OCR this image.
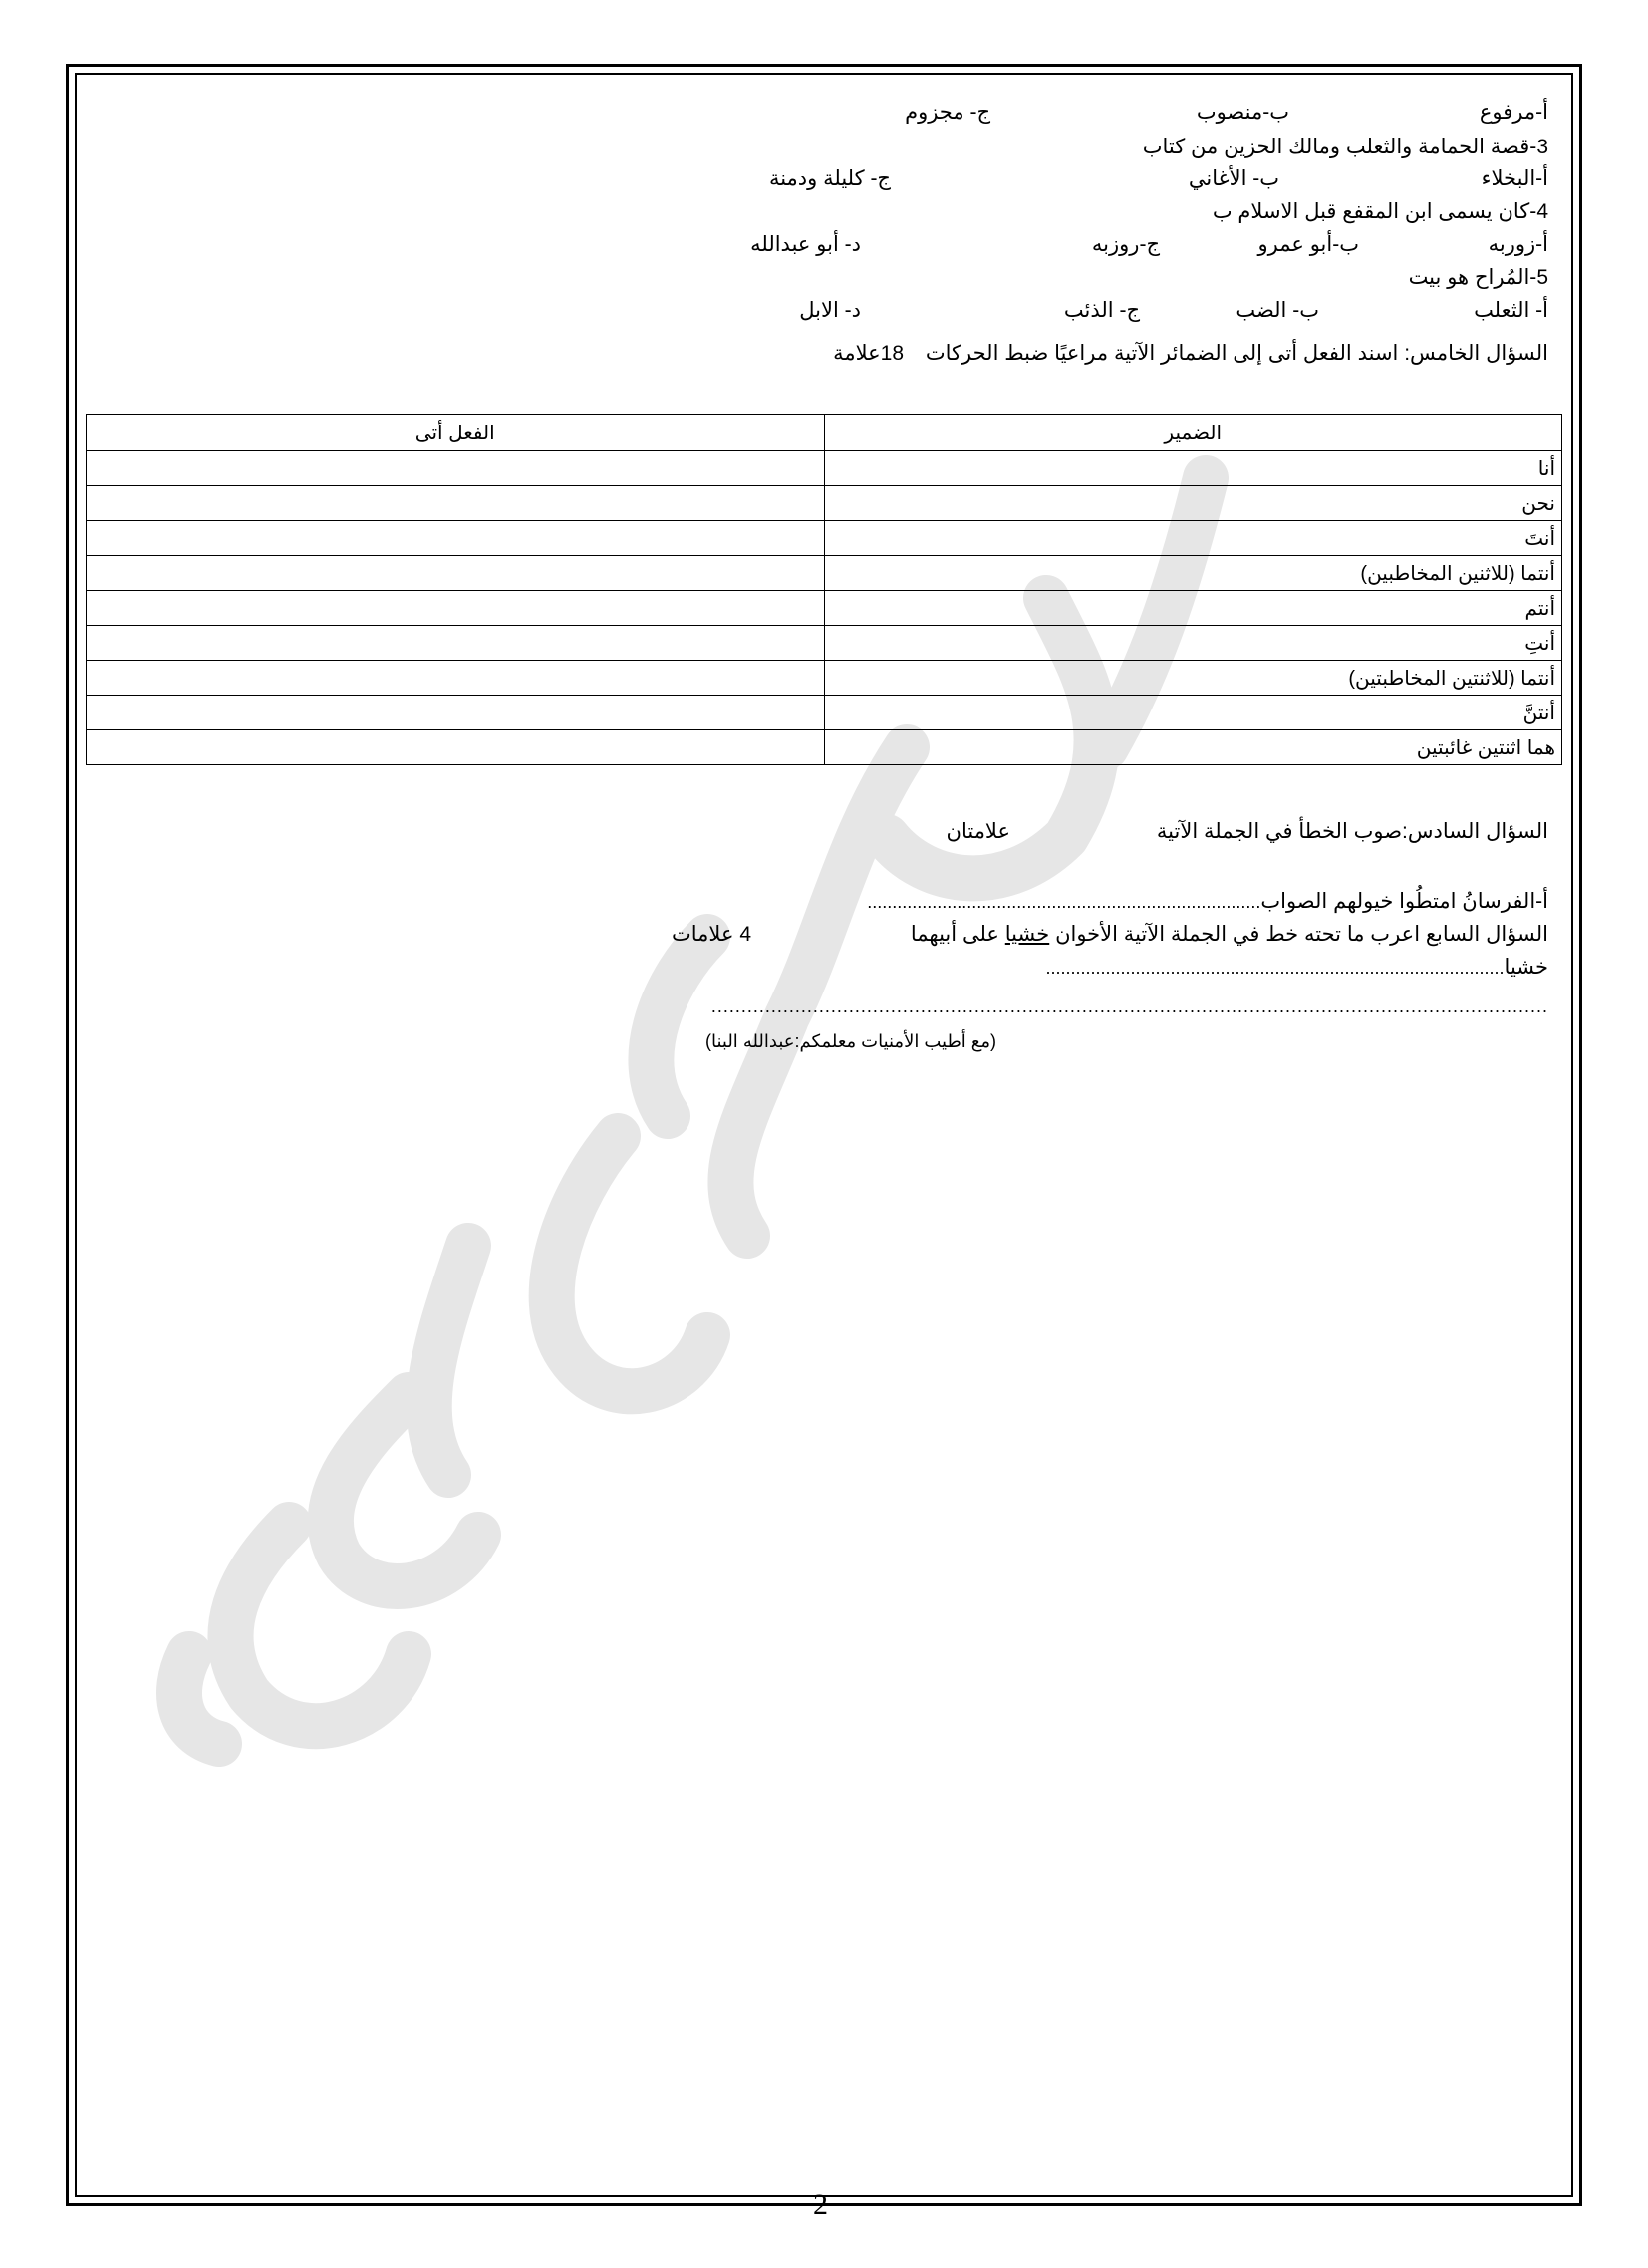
أ-مرفوع
ب-منصوب
ج- مجزوم
3-قصة الحمامة والثعلب ومالك الحزين من كتاب
أ-البخلاء
ب- الأغاني
ج- كليلة ودمنة
4-كان يسمى ابن المقفع قبل الاسلام ب
أ-زوربه
ب-أبو عمرو
ج-روزبه
د- أبو عبدالله
5-المُراح هو بيت
أ- الثعلب
ب- الضب
ج- الذئب
د- الابل
السؤال الخامس: اسند الفعل أتى إلى الضمائر الآتية مراعيًا ضبط الحركات 18علامة
الضمير	الفعل أتى
أنا	
نحن	
أنتَ	
أنتما (للاثنين المخاطبين)	
أنتم	
أنتِ	
أنتما (للاثنتين المخاطبتين)	
أنتنَّ	
هما اثنتين غائبتين	
السؤال السادس:صوب الخطأ في الجملة الآتية
علامتان
أ-الفرسانُ امتطُوا خيولهم الصواب...............................................................................
السؤال السابع اعرب ما تحته خط في الجملة الآتية الأخوان خشيا على أبيهما
4 علامات
خشيا............................................................................................
............................................................................................................................................
(مع أطيب الأمنيات معلمكم:عبدالله البنا)
2
